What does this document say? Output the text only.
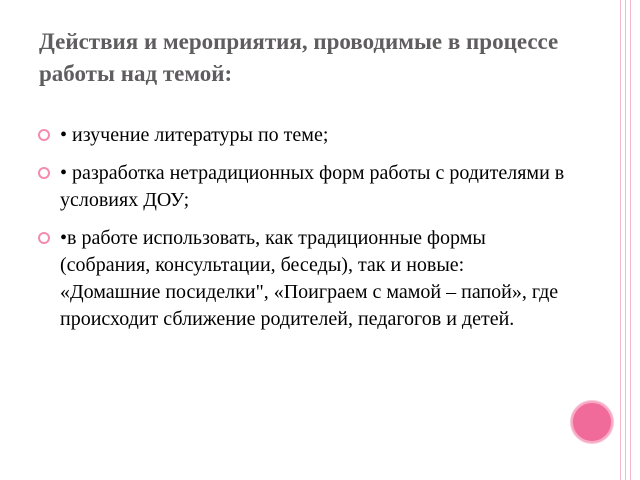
Действия и мероприятия, проводимые в процессе работы над темой:
• изучение литературы по теме;
• разработка нетрадиционных форм работы с родителями в условиях ДОУ;
•в работе использовать, как традиционные формы (собрания, консультации, беседы), так и новые: «Домашние посиделки", «Поиграем с мамой – папой», где происходит сближение родителей, педагогов и детей.
